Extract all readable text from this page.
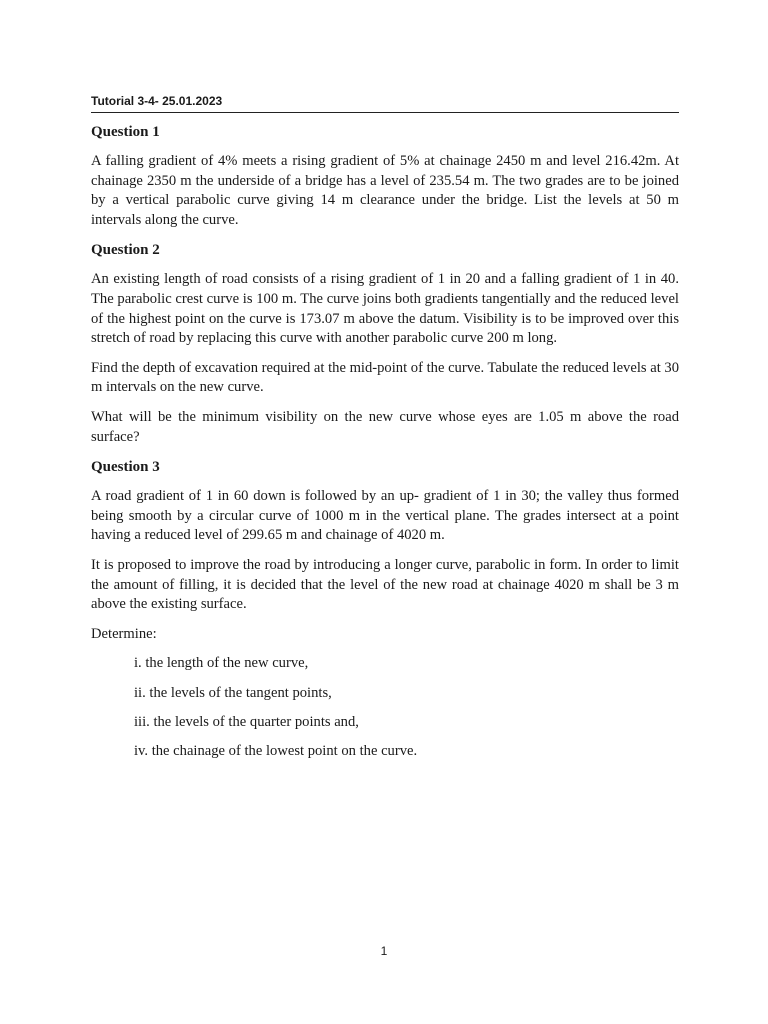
Tutorial 3-4- 25.01.2023
Question 1

A falling gradient of 4% meets a rising gradient of 5% at chainage 2450 m and level 216.42m. At chainage 2350 m the underside of a bridge has a level of 235.54 m. The two grades are to be joined by a vertical parabolic curve giving 14 m clearance under the bridge. List the levels at 50 m intervals along the curve.

Question 2

An existing length of road consists of a rising gradient of 1 in 20 and a falling gradient of 1 in 40. The parabolic crest curve is 100 m. The curve joins both gradients tangentially and the reduced level of the highest point on the curve is 173.07 m above the datum. Visibility is to be improved over this stretch of road by replacing this curve with another parabolic curve 200 m long.

Find the depth of excavation required at the mid-point of the curve. Tabulate the reduced levels at 30 m intervals on the new curve.

What will be the minimum visibility on the new curve whose eyes are 1.05 m above the road surface?

Question 3

A road gradient of 1 in 60 down is followed by an up- gradient of 1 in 30; the valley thus formed being smooth by a circular curve of 1000 m in the vertical plane. The grades intersect at a point having a reduced level of 299.65 m and chainage of 4020 m.

It is proposed to improve the road by introducing a longer curve, parabolic in form. In order to limit the amount of filling, it is decided that the level of the new road at chainage 4020 m shall be 3 m above the existing surface.

Determine:

i. the length of the new curve,
ii. the levels of the tangent points,
iii. the levels of the quarter points and,
iv. the chainage of the lowest point on the curve.
1
